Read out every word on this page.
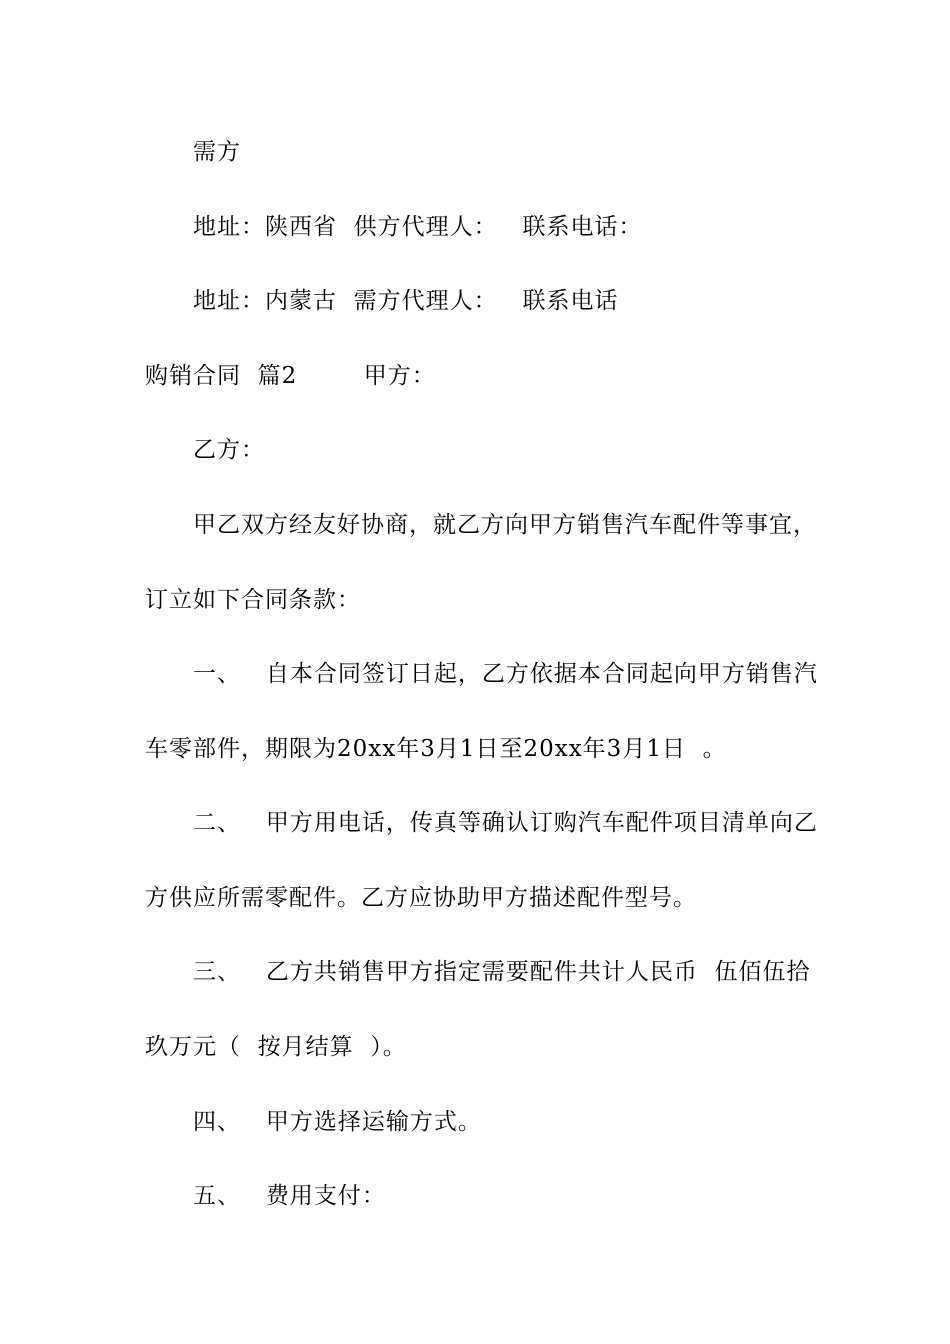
需方
地址：陕西省  供方代理人：   联系电话：
地址：内蒙古  需方代理人：   联系电话
购销合同  篇2        甲方：
乙方：
甲乙双方经友好协商，就乙方向甲方销售汽车配件等事宜，
订立如下合同条款：
一、   自本合同签订日起，乙方依据本合同起向甲方销售汽
车零部件，期限为20xx年3月1日至20xx年3月1日  。
二、   甲方用电话，传真等确认订购汽车配件项目清单向乙
方供应所需零配件。乙方应协助甲方描述配件型号。
三、   乙方共销售甲方指定需要配件共计人民币  伍佰伍拾
玖万元（  按月结算  ）。
四、   甲方选择运输方式。
五、   费用支付：
